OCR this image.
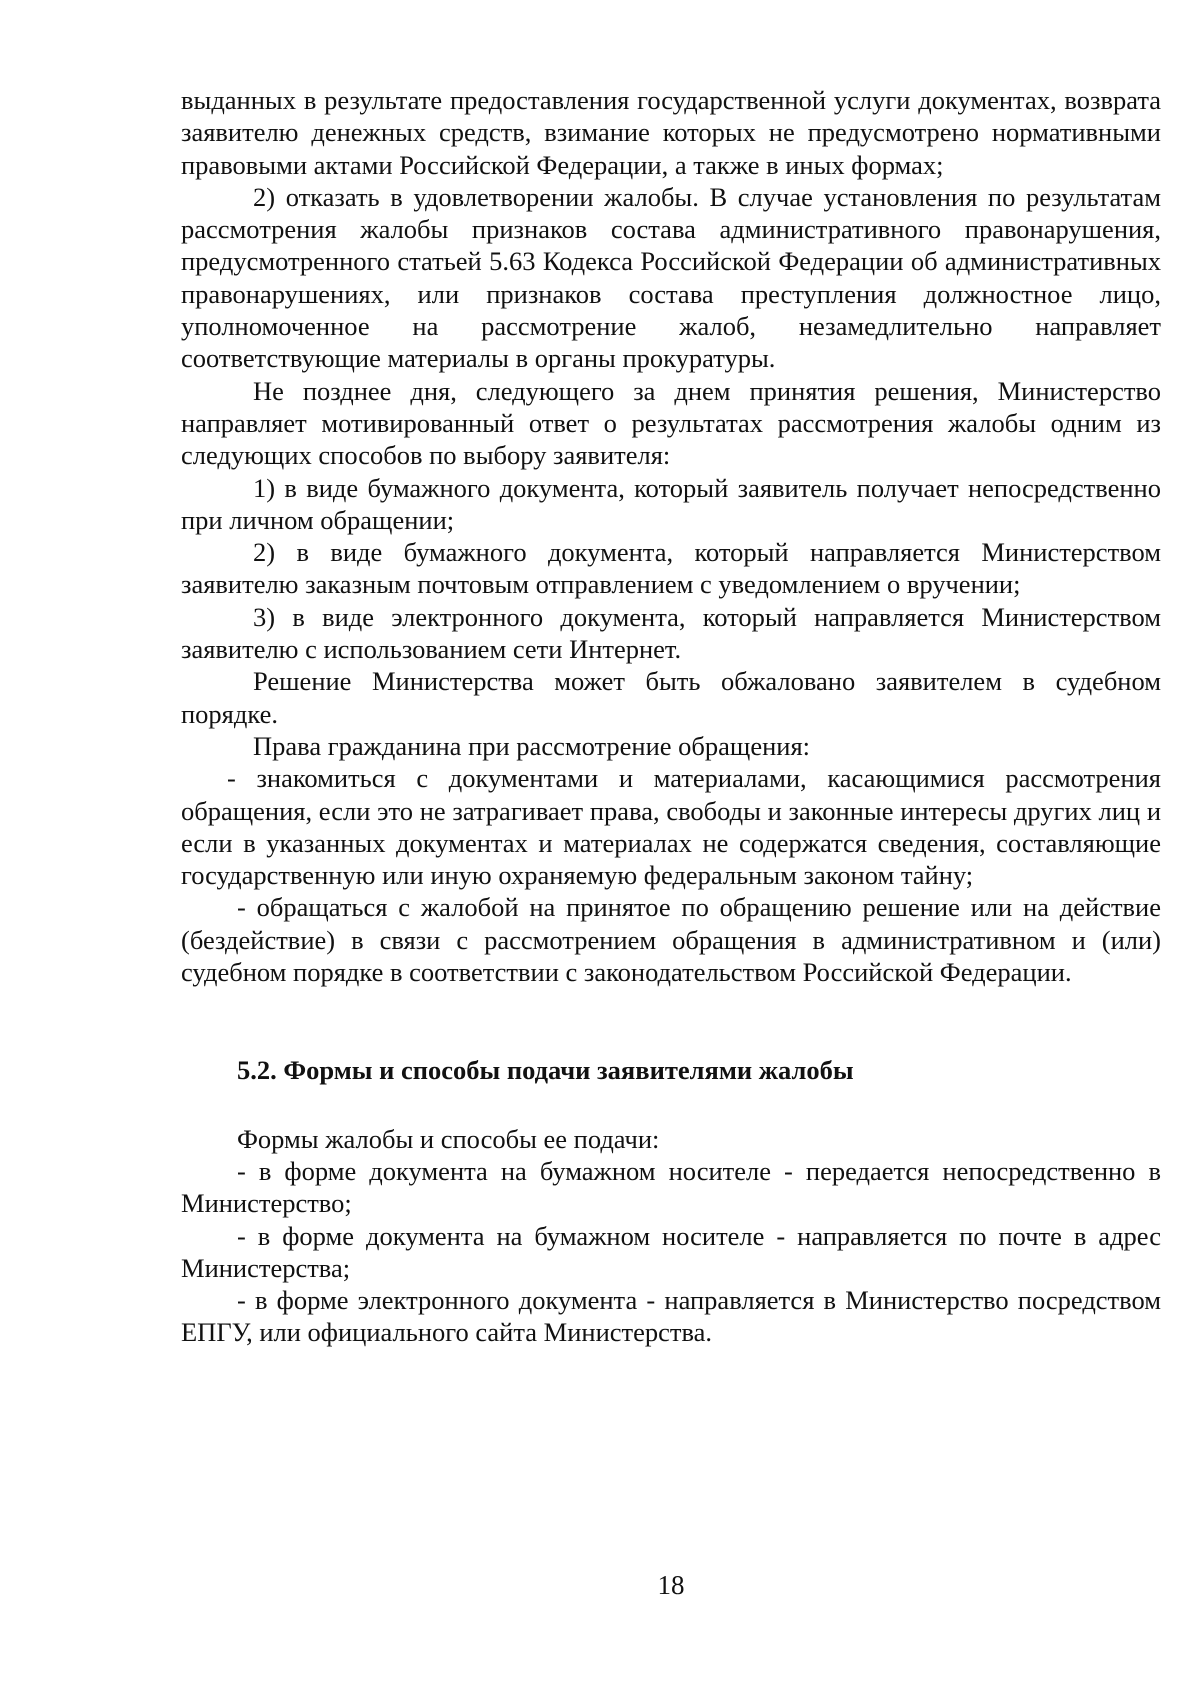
выданных в результате предоставления государственной услуги документах, возврата заявителю денежных средств, взимание которых не предусмотрено нормативными правовыми актами Российской Федерации, а также в иных формах;

2) отказать в удовлетворении жалобы. В случае установления по результатам рассмотрения жалобы признаков состава административного правонарушения, предусмотренного статьей 5.63 Кодекса Российской Федерации об административных правонарушениях, или признаков состава преступления должностное лицо, уполномоченное на рассмотрение жалоб, незамедлительно направляет соответствующие материалы в органы прокуратуры.

Не позднее дня, следующего за днем принятия решения, Министерство направляет мотивированный ответ о результатах рассмотрения жалобы одним из следующих способов по выбору заявителя:

1) в виде бумажного документа, который заявитель получает непосредственно при личном обращении;

2) в виде бумажного документа, который направляется Министерством заявителю заказным почтовым отправлением с уведомлением о вручении;

3) в виде электронного документа, который направляется Министерством заявителю с использованием сети Интернет.

Решение Министерства может быть обжаловано заявителем в судебном порядке.

Права гражданина при рассмотрение обращения:

- знакомиться с документами и материалами, касающимися рассмотрения обращения, если это не затрагивает права, свободы и законные интересы других лиц и если в указанных документах и материалах не содержатся сведения, составляющие государственную или иную охраняемую федеральным законом тайну;

- обращаться с жалобой на принятое по обращению решение или на действие (бездействие) в связи с рассмотрением обращения в административном и (или) судебном порядке в соответствии с законодательством Российской Федерации.

5.2. Формы и способы подачи заявителями жалобы

Формы жалобы и способы ее подачи:

- в форме документа на бумажном носителе - передается непосредственно в Министерство;

- в форме документа на бумажном носителе - направляется по почте в адрес Министерства;

- в форме электронного документа - направляется в Министерство посредством ЕПГУ, или официального сайта Министерства.

18
